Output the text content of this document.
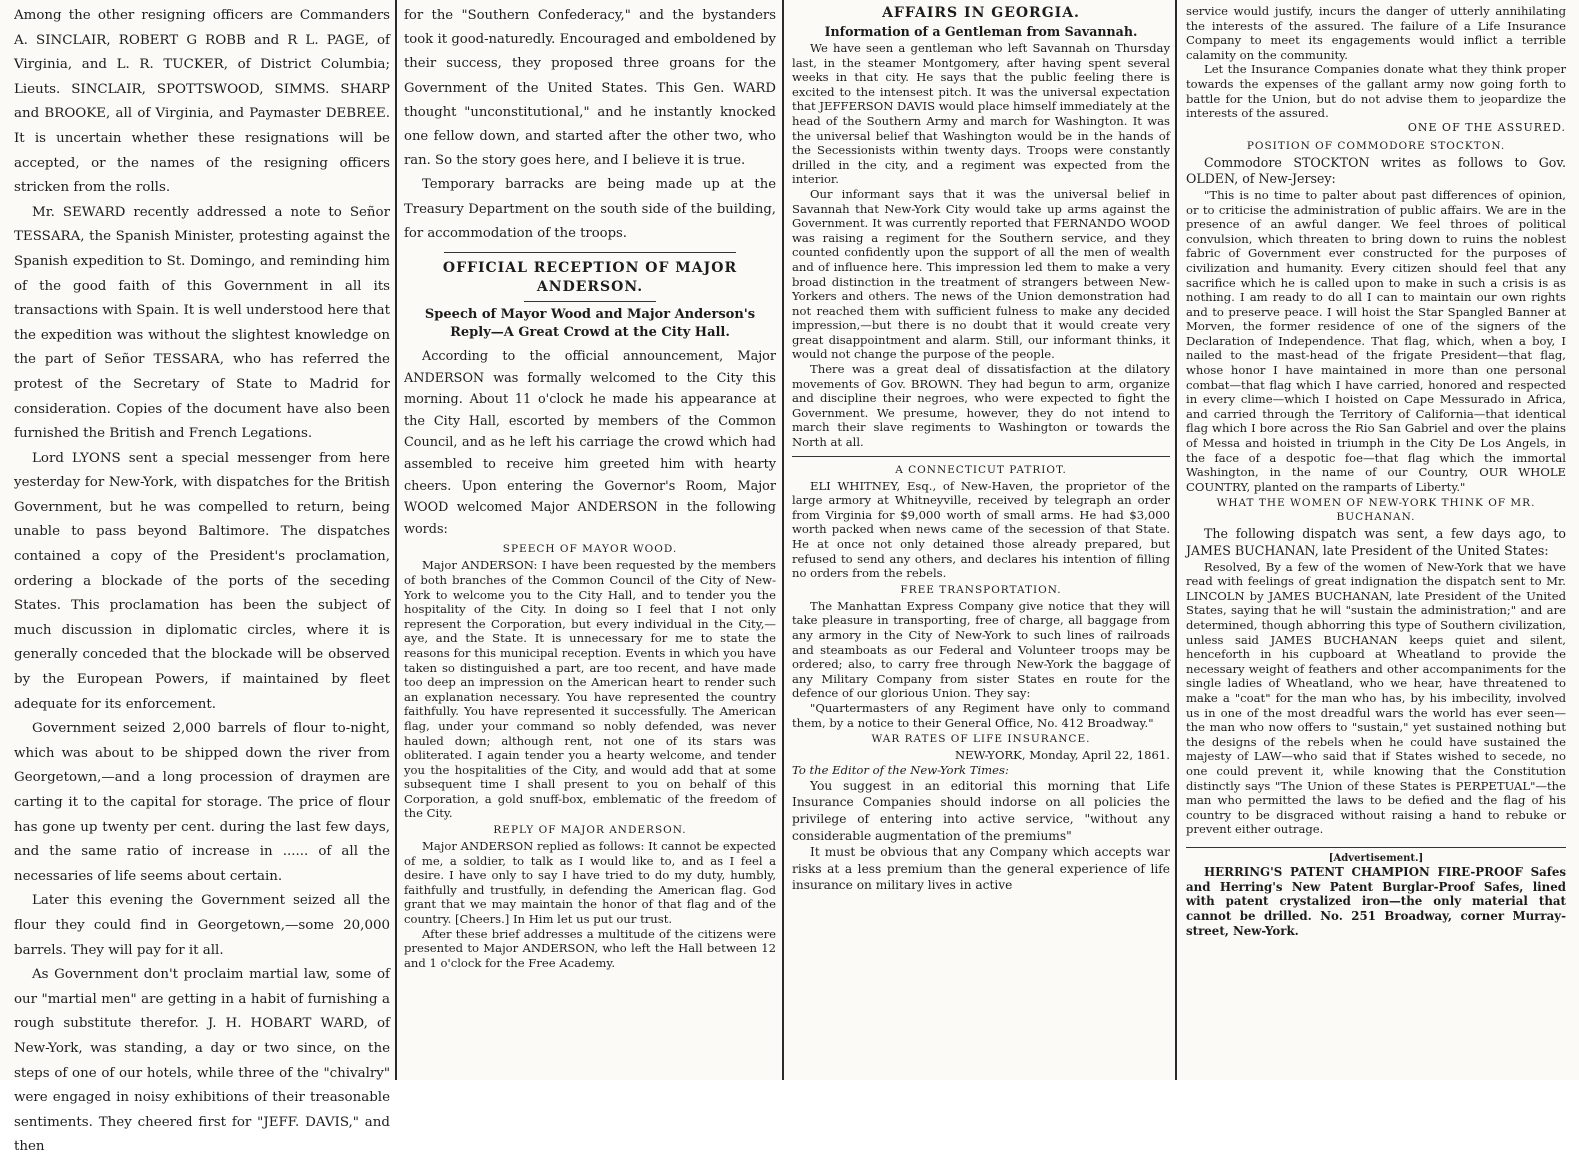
Among the other resigning officers are Commanders A. SINCLAIR, ROBERT G ROBB and R L. PAGE, of Virginia, and L. R. TUCKER, of District Columbia; Lieuts. SINCLAIR, SPOTTSWOOD, SIMMS. SHARP and BROOKE, all of Virginia, and Paymaster DEBREE. It is uncertain whether these resignations will be accepted, or the names of the resigning officers stricken from the rolls.

Mr. SEWARD recently addressed a note to Señor TESSARA, the Spanish Minister, protesting against the Spanish expedition to St. Domingo, and reminding him of the good faith of this Government in all its transactions with Spain. It is well understood here that the expedition was without the slightest knowledge on the part of Señor TESSARA, who has referred the protest of the Secretary of State to Madrid for consideration. Copies of the document have also been furnished the British and French Legations.

Lord LYONS sent a special messenger from here yesterday for New-York, with dispatches for the British Government, but he was compelled to return, being unable to pass beyond Baltimore. The dispatches contained a copy of the President's proclamation, ordering a blockade of the ports of the seceding States. This proclamation has been the subject of much discussion in diplomatic circles, where it is generally conceded that the blockade will be observed by the European Powers, if maintained by fleet adequate for its enforcement.

Government seized 2,000 barrels of flour to-night, which was about to be shipped down the river from Georgetown,—and a long procession of draymen are carting it to the capital for storage. The price of flour has gone up twenty per cent. during the last few days, and the same ratio of increase in ...... of all the necessaries of life seems about certain.

Later this evening the Government seized all the flour they could find in Georgetown,—some 20,000 barrels. They will pay for it all.

As Government don't proclaim martial law, some of our "martial men" are getting in a habit of furnishing a rough substitute therefor. J. H. HOBART WARD, of New-York, was standing, a day or two since, on the steps of one of our hotels, while three of the "chivalry" were engaged in noisy exhibitions of their treasonable sentiments. They cheered first for "JEFF. DAVIS," and then

for the "Southern Confederacy," and the bystanders took it good-naturedly. Encouraged and emboldened by their success, they proposed three groans for the Government of the United States. This Gen. WARD thought "unconstitutional," and he instantly knocked one fellow down, and started after the other two, who ran. So the story goes here, and I believe it is true.

Temporary barracks are being made up at the Treasury Department on the south side of the building, for accommodation of the troops.

OFFICIAL RECEPTION OF MAJOR ANDERSON.
Speech of Mayor Wood and Major Anderson's Reply—A Great Crowd at the City Hall.

According to the official announcement, Major ANDERSON was formally welcomed to the City this morning. About 11 o'clock he made his appearance at the City Hall, escorted by members of the Common Council, and as he left his carriage the crowd which had assembled to receive him greeted him with hearty cheers. Upon entering the Governor's Room, Major WOOD welcomed Major ANDERSON in the following words:

SPEECH OF MAYOR WOOD.

Major ANDERSON: I have been requested by the members of both branches of the Common Council of the City of New-York to welcome you to the City Hall, and to tender you the hospitality of the City. In doing so I feel that I not only represent the Corporation, but every individual in the City,—aye, and the State. It is unnecessary for me to state the reasons for this municipal reception. Events in which you have taken so distinguished a part, are too recent, and have made too deep an impression on the American heart to render such an explanation necessary. You have represented the country faithfully. You have represented it successfully. The American flag, under your command so nobly defended, was never hauled down; although rent, not one of its stars was obliterated. I again tender you a hearty welcome, and tender you the hospitalities of the City, and would add that at some subsequent time I shall present to you on behalf of this Corporation, a gold snuff-box, emblematic of the freedom of the City.

REPLY OF MAJOR ANDERSON.

Major ANDERSON replied as follows: It cannot be expected of me, a soldier, to talk as I would like to, and as I feel a desire. I have only to say I have tried to do my duty, humbly, faithfully and trustfully, in defending the American flag. God grant that we may maintain the honor of that flag and of the country. [Cheers.] In Him let us put our trust.

After these brief addresses a multitude of the citizens were presented to Major ANDERSON, who left the Hall between 12 and 1 o'clock for the Free Academy.

AFFAIRS IN GEORGIA.
Information of a Gentleman from Savannah.

We have seen a gentleman who left Savannah on Thursday last, in the steamer Montgomery, after having spent several weeks in that city. He says that the public feeling there is excited to the intensest pitch. It was the universal expectation that JEFFERSON DAVIS would place himself immediately at the head of the Southern Army and march for Washington. It was the universal belief that Washington would be in the hands of the Secessionists within twenty days. Troops were constantly drilled in the city, and a regiment was expected from the interior.

Our informant says that it was the universal belief in Savannah that New-York City would take up arms against the Government. It was currently reported that FERNANDO WOOD was raising a regiment for the Southern service, and they counted confidently upon the support of all the men of wealth and of influence here. This impression led them to make a very broad distinction in the treatment of strangers between New-Yorkers and others. The news of the Union demonstration had not reached them with sufficient fulness to make any decided impression,—but there is no doubt that it would create very great disappointment and alarm. Still, our informant thinks, it would not change the purpose of the people.

There was a great deal of dissatisfaction at the dilatory movements of Gov. BROWN. They had begun to arm, organize and discipline their negroes, who were expected to fight the Government. We presume, however, they do not intend to march their slave regiments to Washington or towards the North at all.

A CONNECTICUT PATRIOT.

ELI WHITNEY, Esq., of New-Haven, the proprietor of the large armory at Whitneyville, received by telegraph an order from Virginia for $9,000 worth of small arms. He had $3,000 worth packed when news came of the secession of that State. He at once not only detained those already prepared, but refused to send any others, and declares his intention of filling no orders from the rebels.

FREE TRANSPORTATION.

The Manhattan Express Company give notice that they will take pleasure in transporting, free of charge, all baggage from any armory in the City of New-York to such lines of railroads and steamboats as our Federal and Volunteer troops may be ordered; also, to carry free through New-York the baggage of any Military Company from sister States en route for the defence of our glorious Union. They say:

"Quartermasters of any Regiment have only to command them, by a notice to their General Office, No. 412 Broadway."

WAR RATES OF LIFE INSURANCE.
NEW-YORK, Monday, April 22, 1861.

To the Editor of the New-York Times:

You suggest in an editorial this morning that Life Insurance Companies should indorse on all policies the privilege of entering into active service, "without any considerable augmentation of the premiums"

It must be obvious that any Company which accepts war risks at a less premium than the general experience of life insurance on military lives in active

service would justify, incurs the danger of utterly annihilating the interests of the assured. The failure of a Life Insurance Company to meet its engagements would inflict a terrible calamity on the community.

Let the Insurance Companies donate what they think proper towards the expenses of the gallant army now going forth to battle for the Union, but do not advise them to jeopardize the interests of the assured.

ONE OF THE ASSURED.
POSITION OF COMMODORE STOCKTON.

Commodore STOCKTON writes as follows to Gov. OLDEN, of New-Jersey:

"This is no time to palter about past differences of opinion, or to criticise the administration of public affairs. We are in the presence of an awful danger. We feel throes of political convulsion, which threaten to bring down to ruins the noblest fabric of Government ever constructed for the purposes of civilization and humanity. Every citizen should feel that any sacrifice which he is called upon to make in such a crisis is as nothing. I am ready to do all I can to maintain our own rights and to preserve peace. I will hoist the Star Spangled Banner at Morven, the former residence of one of the signers of the Declaration of Independence. That flag, which, when a boy, I nailed to the mast-head of the frigate President—that flag, whose honor I have maintained in more than one personal combat—that flag which I have carried, honored and respected in every clime—which I hoisted on Cape Messurado in Africa, and carried through the Territory of California—that identical flag which I bore across the Rio San Gabriel and over the plains of Messa and hoisted in triumph in the City De Los Angels, in the face of a despotic foe—that flag which the immortal Washington, in the name of our Country, OUR WHOLE COUNTRY, planted on the ramparts of Liberty."

WHAT THE WOMEN OF NEW-YORK THINK OF MR. BUCHANAN.

The following dispatch was sent, a few days ago, to JAMES BUCHANAN, late President of the United States:

Resolved, By a few of the women of New-York that we have read with feelings of great indignation the dispatch sent to Mr. LINCOLN by JAMES BUCHANAN, late President of the United States, saying that he will "sustain the administration;" and are determined, though abhorring this type of Southern civilization, unless said JAMES BUCHANAN keeps quiet and silent, henceforth in his cupboard at Wheatland to provide the necessary weight of feathers and other accompaniments for the single ladies of Wheatland, who we hear, have threatened to make a "coat" for the man who has, by his imbecility, involved us in one of the most dreadful wars the world has ever seen—the man who now offers to "sustain," yet sustained nothing but the designs of the rebels when he could have sustained the majesty of LAW—who said that if States wished to secede, no one could prevent it, while knowing that the Constitution distinctly says "The Union of these States is PERPETUAL"—the man who permitted the laws to be defied and the flag of his country to be disgraced without raising a hand to rebuke or prevent either outrage.

[Advertisement.]

HERRING'S PATENT CHAMPION FIRE-PROOF Safes and Herring's New Patent Burglar-Proof Safes, lined with patent crystalized iron—the only material that cannot be drilled. No. 251 Broadway, corner Murray-street, New-York.
